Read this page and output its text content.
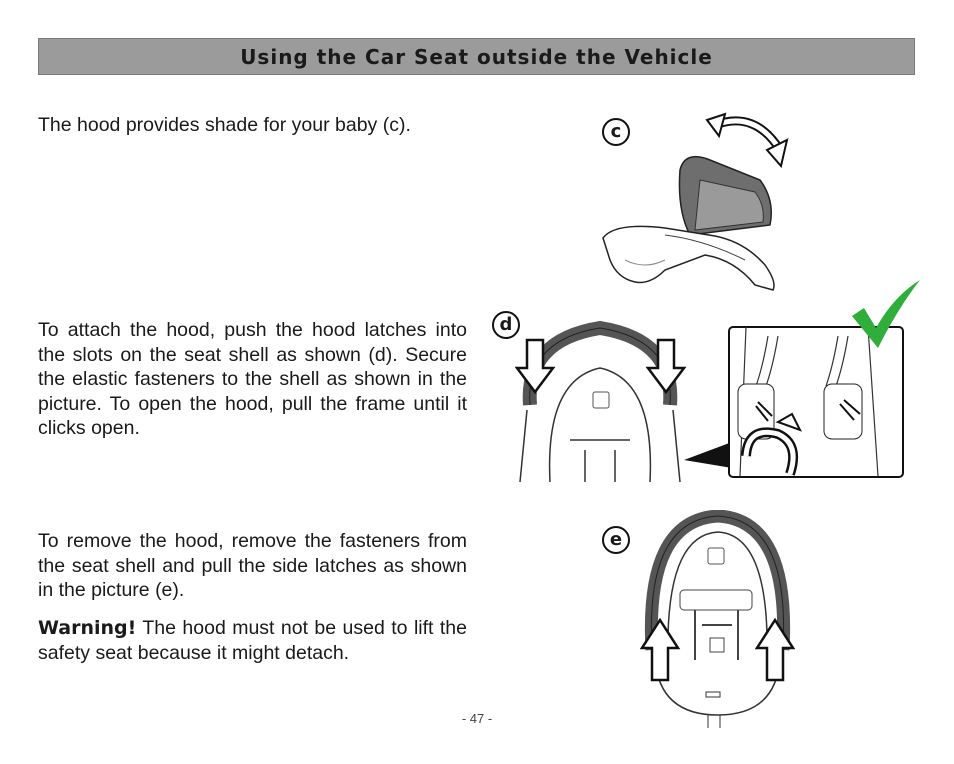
Using the Car Seat outside the Vehicle
The hood provides shade for your baby (c).
To attach the hood, push the hood latches into the slots on the seat shell as shown (d). Secure the elastic fasteners to the shell as shown in the picture. To open the hood, pull the frame until it clicks open.
To remove the hood, remove the fasteners from the seat shell and pull the side latches as shown in the picture (e).
Warning! The hood must not be used to lift the safety seat because it might detach.
c
d
e
- 47 -
